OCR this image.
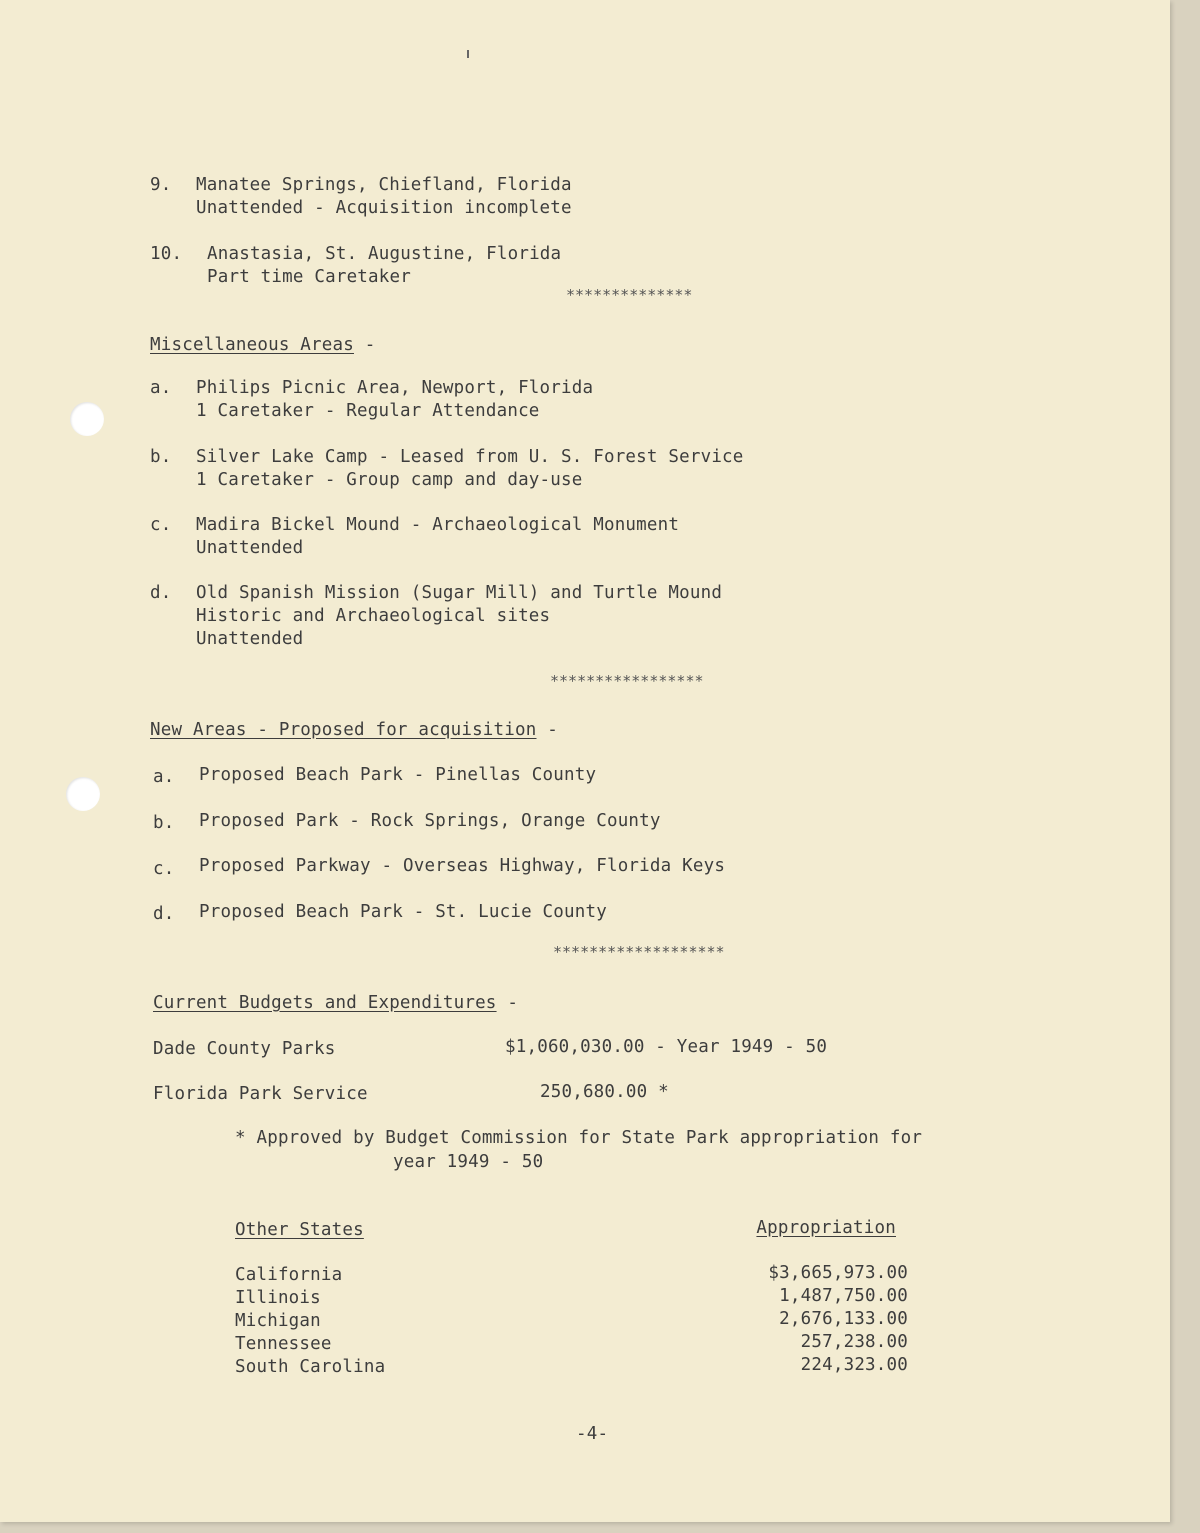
9. Manatee Springs, Chiefland, Florida
Unattended - Acquisition incomplete
10. Anastasia, St. Augustine, Florida
Part time Caretaker
**************
Miscellaneous Areas -
a. Philips Picnic Area, Newport, Florida
1 Caretaker - Regular Attendance
b. Silver Lake Camp - Leased from U. S. Forest Service
1 Caretaker - Group camp and day-use
c. Madira Bickel Mound - Archaeological Monument
Unattended
d. Old Spanish Mission (Sugar Mill) and Turtle Mound
Historic and Archaeological sites
Unattended
*****************
New Areas - Proposed for acquisition -
a. Proposed Beach Park - Pinellas County
b. Proposed Park - Rock Springs, Orange County
c. Proposed Parkway - Overseas Highway, Florida Keys
d. Proposed Beach Park - St. Lucie County
*******************
Current Budgets and Expenditures -
Dade County Parks	$1,060,030.00 - Year 1949 - 50
Florida Park Service	250,680.00 *
* Approved by Budget Commission for State Park appropriation for
year 1949 - 50
Other States	Appropriation
California	$3,665,973.00
Illinois	1,487,750.00
Michigan	2,676,133.00
Tennessee	257,238.00
South Carolina	224,323.00
-4-
